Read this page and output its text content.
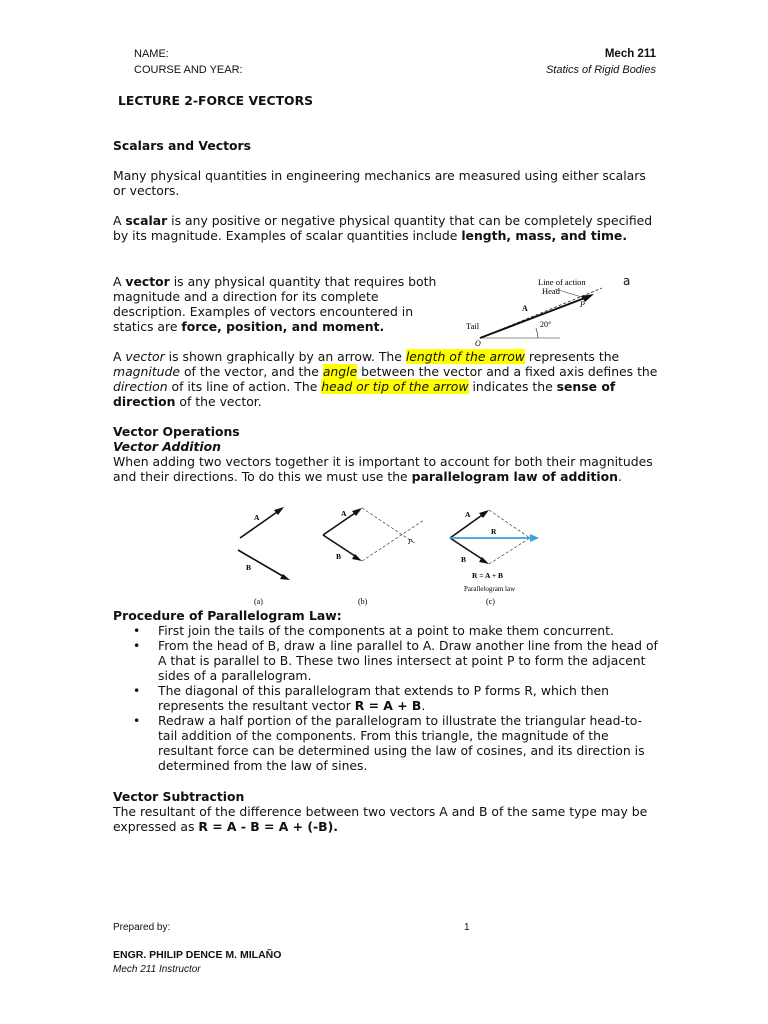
NAME:
COURSE AND YEAR:
Mech 211
Statics of Rigid Bodies
LECTURE 2-FORCE VECTORS
Scalars and Vectors
Many physical quantities in engineering mechanics are measured using either scalars or vectors.
A scalar is any positive or negative physical quantity that can be completely specified by its magnitude. Examples of scalar quantities include length, mass, and time.
A vector is any physical quantity that requires both magnitude and a direction for its complete description. Examples of vectors encountered in statics are force, position, and moment.
Line of action
Head
A	P
20°
Tail
O
a
A vector is shown graphically by an arrow. The length of the arrow represents the magnitude of the vector, and the angle between the vector and a fixed axis defines the direction of its line of action. The head or tip of the arrow indicates the sense of direction of the vector.
Vector Operations
Vector Addition
When adding two vectors together it is important to account for both their magnitudes and their directions. To do this we must use the parallelogram law of addition.
A
B
(a)
A
B
P
(b)
A
R
B
R = A + B
Parallelogram law
(c)
Procedure of Parallelogram Law:
• First join the tails of the components at a point to make them concurrent.
• From the head of B, draw a line parallel to A. Draw another line from the head of A that is parallel to B. These two lines intersect at point P to form the adjacent sides of a parallelogram.
• The diagonal of this parallelogram that extends to P forms R, which then represents the resultant vector R = A + B.
• Redraw a half portion of the parallelogram to illustrate the triangular head-to-tail addition of the components. From this triangle, the magnitude of the resultant force can be determined using the law of cosines, and its direction is determined from the law of sines.
Vector Subtraction
The resultant of the difference between two vectors A and B of the same type may be expressed as R = A - B = A + (-B).
Prepared by:	1
ENGR. PHILIP DENCE M. MILAÑO
Mech 211 Instructor
